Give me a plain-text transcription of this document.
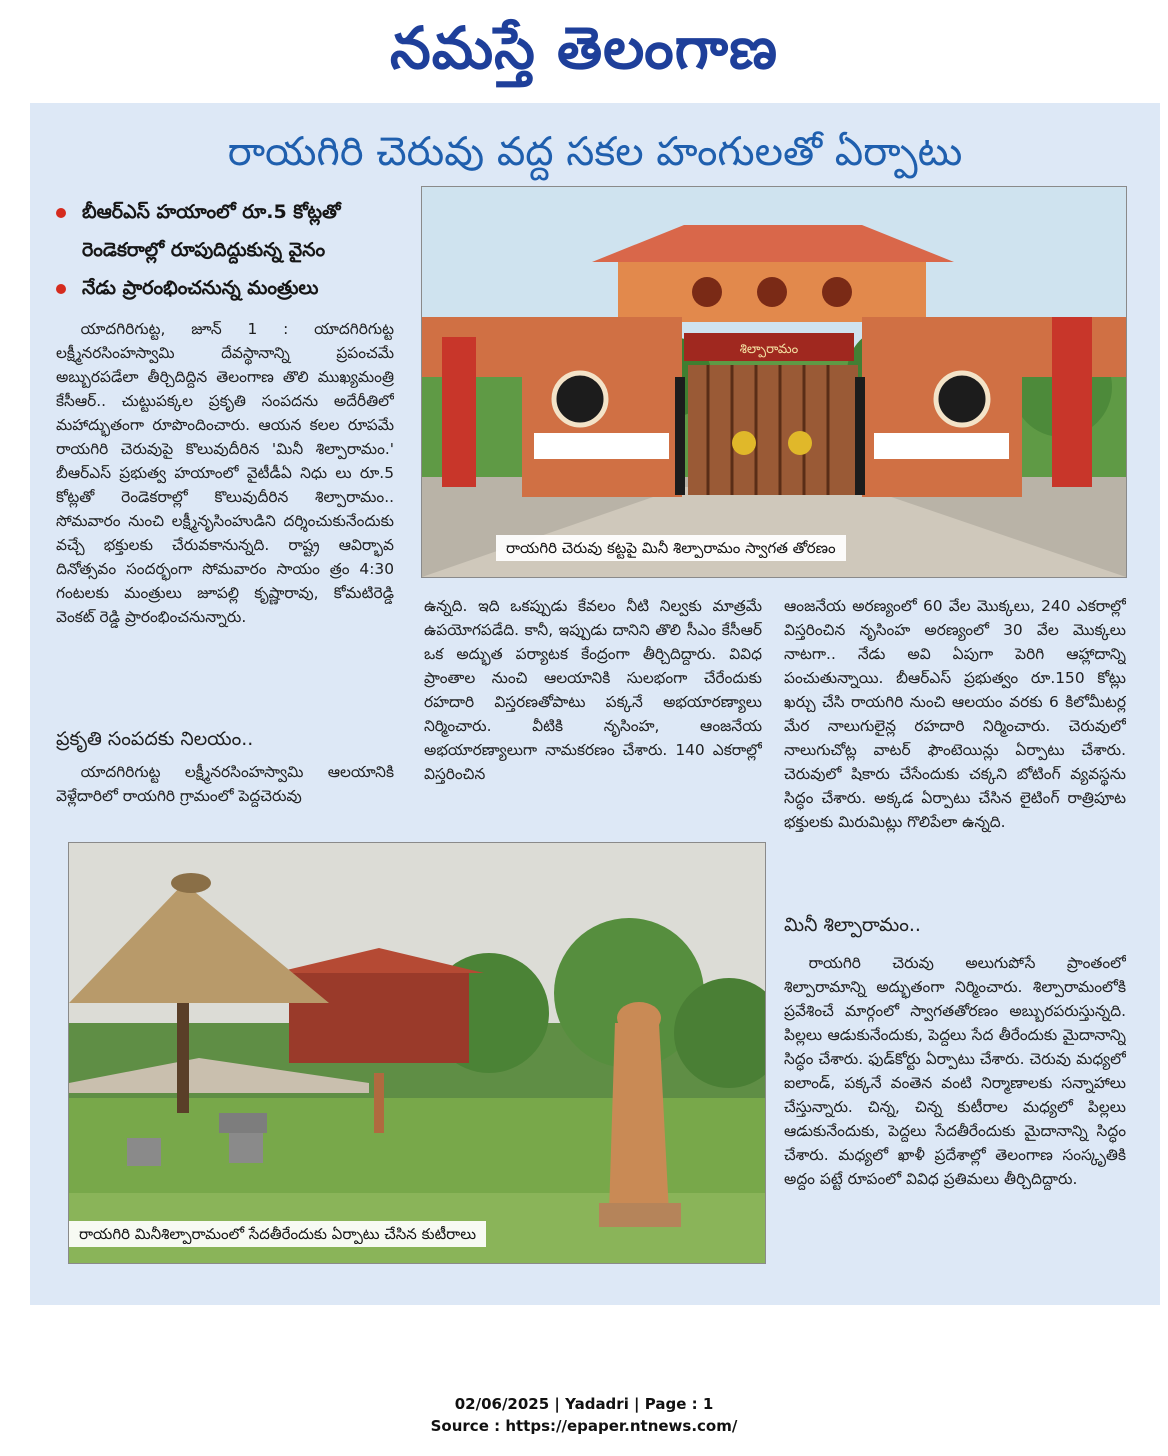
నమస్తే తెలంగాణ
రాయగిరి చెరువు వద్ద సకల హంగులతో ఏర్పాటు
బీఆర్ఎస్ హయాంలో రూ.5 కోట్లతో రెండెకరాల్లో రూపుదిద్దుకున్న వైనం
నేడు ప్రారంభించనున్న మంత్రులు

యాదగిరిగుట్ట, జూన్ 1 : యాదగిరిగుట్ట లక్ష్మీనరసింహస్వామి దేవస్థానాన్ని ప్రపంచమే అబ్బురపడేలా తీర్చిదిద్దిన తెలంగాణ తొలి ముఖ్యమంత్రి కేసీఆర్.. చుట్టుపక్కల ప్రకృతి సంపదను అదేరీతిలో మహాద్భుతంగా రూపొందించారు. ఆయన కలల రూపమే రాయగిరి చెరువుపై కొలువుదీరిన 'మినీ శిల్పారామం.' బీఆర్ఎస్ ప్రభుత్వ హయాంలో వైటీడీఏ నిధు లు రూ.5 కోట్లతో రెండెకరాల్లో కొలువుదీరిన శిల్పారామం.. సోమవారం నుంచి లక్ష్మీనృసింహుడిని దర్శించుకునేందుకు వచ్చే భక్తులకు చేరువకానున్నది. రాష్ట్ర ఆవిర్భావ దినోత్సవం సందర్భంగా సోమవారం సాయం త్రం 4:30 గంటలకు మంత్రులు జూపల్లి కృష్ణారావు, కోమటిరెడ్డి వెంకట్ రెడ్డి ప్రారంభించనున్నారు.

ప్రకృతి సంపదకు నిలయం..

యాదగిరిగుట్ట లక్ష్మీనరసింహస్వామి ఆలయానికి వెళ్లేదారిలో రాయగిరి గ్రామంలో పెద్దచెరువు

ఉన్నది. ఇది ఒకప్పుడు కేవలం నీటి నిల్వకు మాత్రమే ఉపయోగపడేది. కానీ, ఇప్పుడు దానిని తొలి సీఎం కేసీఆర్ ఒక అద్భుత పర్యాటక కేంద్రంగా తీర్చిదిద్దారు. వివిధ ప్రాంతాల నుంచి ఆలయానికి సులభంగా చేరేందుకు రహదారి విస్తరణతోపాటు పక్కనే అభయారణ్యాలు నిర్మించారు. వీటికి నృసింహ, ఆంజనేయ అభయారణ్యాలుగా నామకరణం చేశారు. 140 ఎకరాల్లో విస్తరించిన

ఆంజనేయ అరణ్యంలో 60 వేల మొక్కలు, 240 ఎకరాల్లో విస్తరించిన నృసింహ అరణ్యంలో 30 వేల మొక్కలు నాటగా.. నేడు అవి ఏపుగా పెరిగి ఆహ్లాదాన్ని పంచుతున్నాయి. బీఆర్ఎస్ ప్రభుత్వం రూ.150 కోట్లు ఖర్చు చేసి రాయగిరి నుంచి ఆలయం వరకు 6 కిలోమీటర్ల మేర నాలుగులైన్ల రహదారి నిర్మించారు. చెరువులో నాలుగుచోట్ల వాటర్ ఫౌంటెయిన్లు ఏర్పాటు చేశారు. చెరువులో షికారు చేసేందుకు చక్కని బోటింగ్ వ్యవస్థను సిద్ధం చేశారు. అక్కడ ఏర్పాటు చేసిన లైటింగ్ రాత్రిపూట భక్తులకు మిరుమిట్లు గొలిపేలా ఉన్నది.

మినీ శిల్పారామం..

రాయగిరి చెరువు అలుగుపోసే ప్రాంతంలో శిల్పారామాన్ని అద్భుతంగా నిర్మించారు. శిల్పారామంలోకి ప్రవేశించే మార్గంలో స్వాగతతోరణం అబ్బురపరుస్తున్నది. పిల్లలు ఆడుకునేందుకు, పెద్దలు సేద తీరేందుకు మైదానాన్ని సిద్ధం చేశారు. ఫుడ్‌కోర్టు ఏర్పాటు చేశారు. చెరువు మధ్యలో ఐలాండ్, పక్కనే వంతెన వంటి నిర్మాణాలకు సన్నాహాలు చేస్తున్నారు. చిన్న, చిన్న కుటీరాల మధ్యలో పిల్లలు ఆడుకునేందుకు, పెద్దలు సేదతీరేందుకు మైదానాన్ని సిద్ధం చేశారు. మధ్యలో ఖాళీ ప్రదేశాల్లో తెలంగాణ సంస్కృతికి అద్దం పట్టే రూపంలో వివిధ ప్రతిమలు తీర్చిదిద్దారు.

శిల్పారామం
రాయగిరి చెరువు కట్టపై మినీ శిల్పారామం స్వాగత తోరణం
రాయగిరి మినీశిల్పారామంలో సేదతీరేందుకు ఏర్పాటు చేసిన కుటీరాలు
02/06/2025 | Yadadri | Page : 1
Source : https://epaper.ntnews.com/
